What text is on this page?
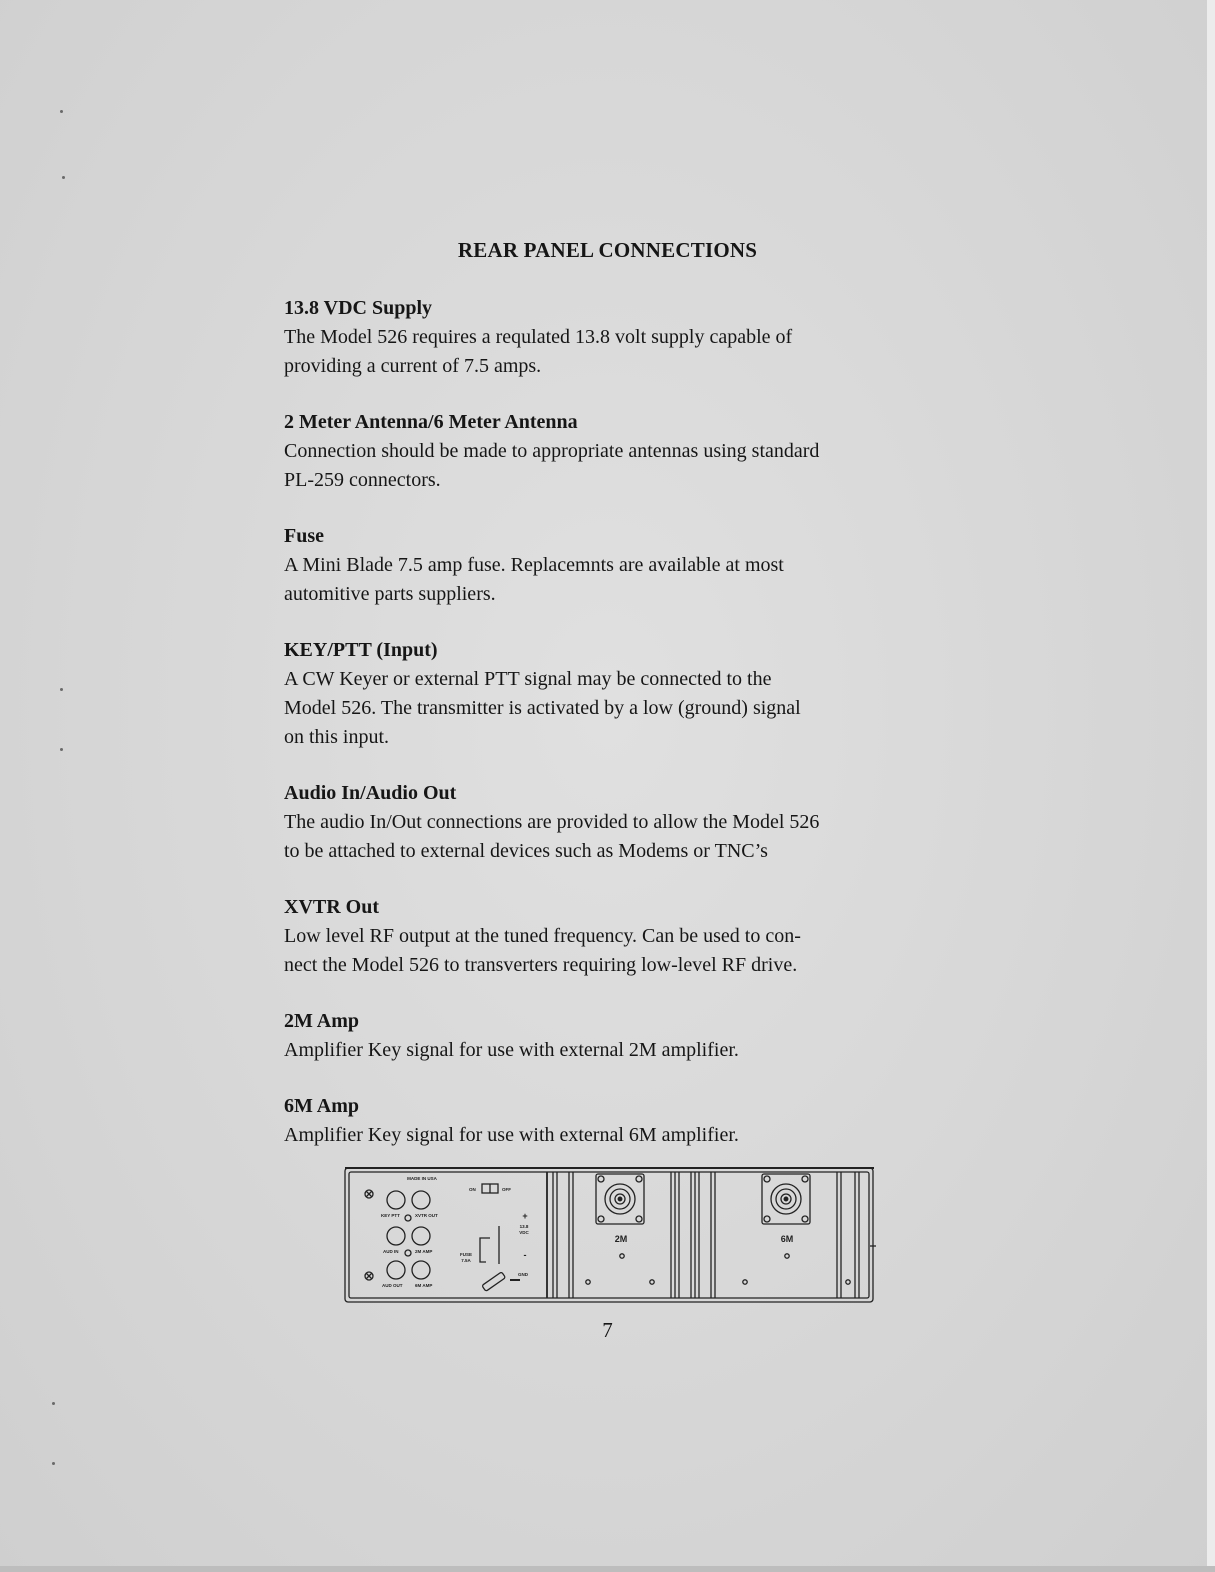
REAR PANEL CONNECTIONS
13.8 VDC Supply

The Model 526 requires a requlated 13.8 volt supply capable of
providing a current of 7.5 amps.

2 Meter Antenna/6 Meter Antenna

Connection should be made to appropriate antennas using standard
PL-259 connectors.

Fuse

A Mini Blade 7.5 amp fuse. Replacemnts are available at most
automitive parts suppliers.

KEY/PTT (Input)

A CW Keyer or external PTT signal may be connected to the
Model 526. The transmitter is activated by a low (ground) signal
on this input.

Audio In/Audio Out

The audio In/Out connections are provided to allow the Model 526
to be attached to external devices such as Modems or TNC’s

XVTR Out

Low level RF output at the tuned frequency. Can be used to con-
nect the Model 526 to transverters requiring low-level RF drive.

2M Amp

Amplifier Key signal for use with external 2M amplifier.

6M Amp

Amplifier Key signal for use with external 6M amplifier.

MADE IN USA
ON	OFF
KEY PTT	XVTR OUT
AUD IN	2M AMP
AUD OUT	6M AMP
13.8
VDC
FUSE
7.5A
GND
+
-
2M	6M

7
